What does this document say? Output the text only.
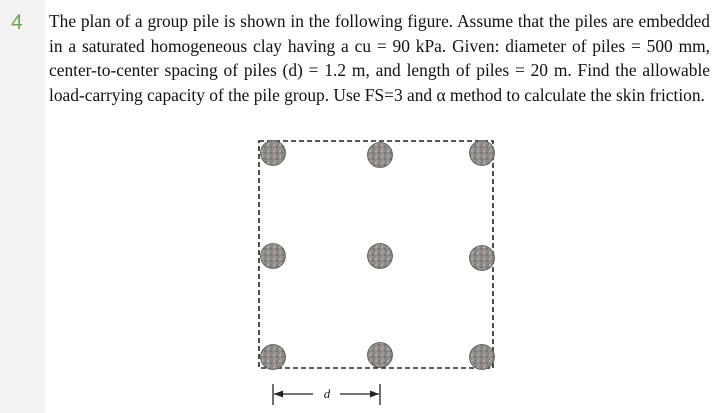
4 The plan of a group pile is shown in the following figure. Assume that the piles are embedded in a saturated homogeneous clay having a cu = 90 kPa. Given: diameter of piles = 500 mm, center-to-center spacing of piles (d) = 1.2 m, and length of piles = 20 m. Find the allowable load-carrying capacity of the pile group. Use FS=3 and α method to calculate the skin friction.

d
